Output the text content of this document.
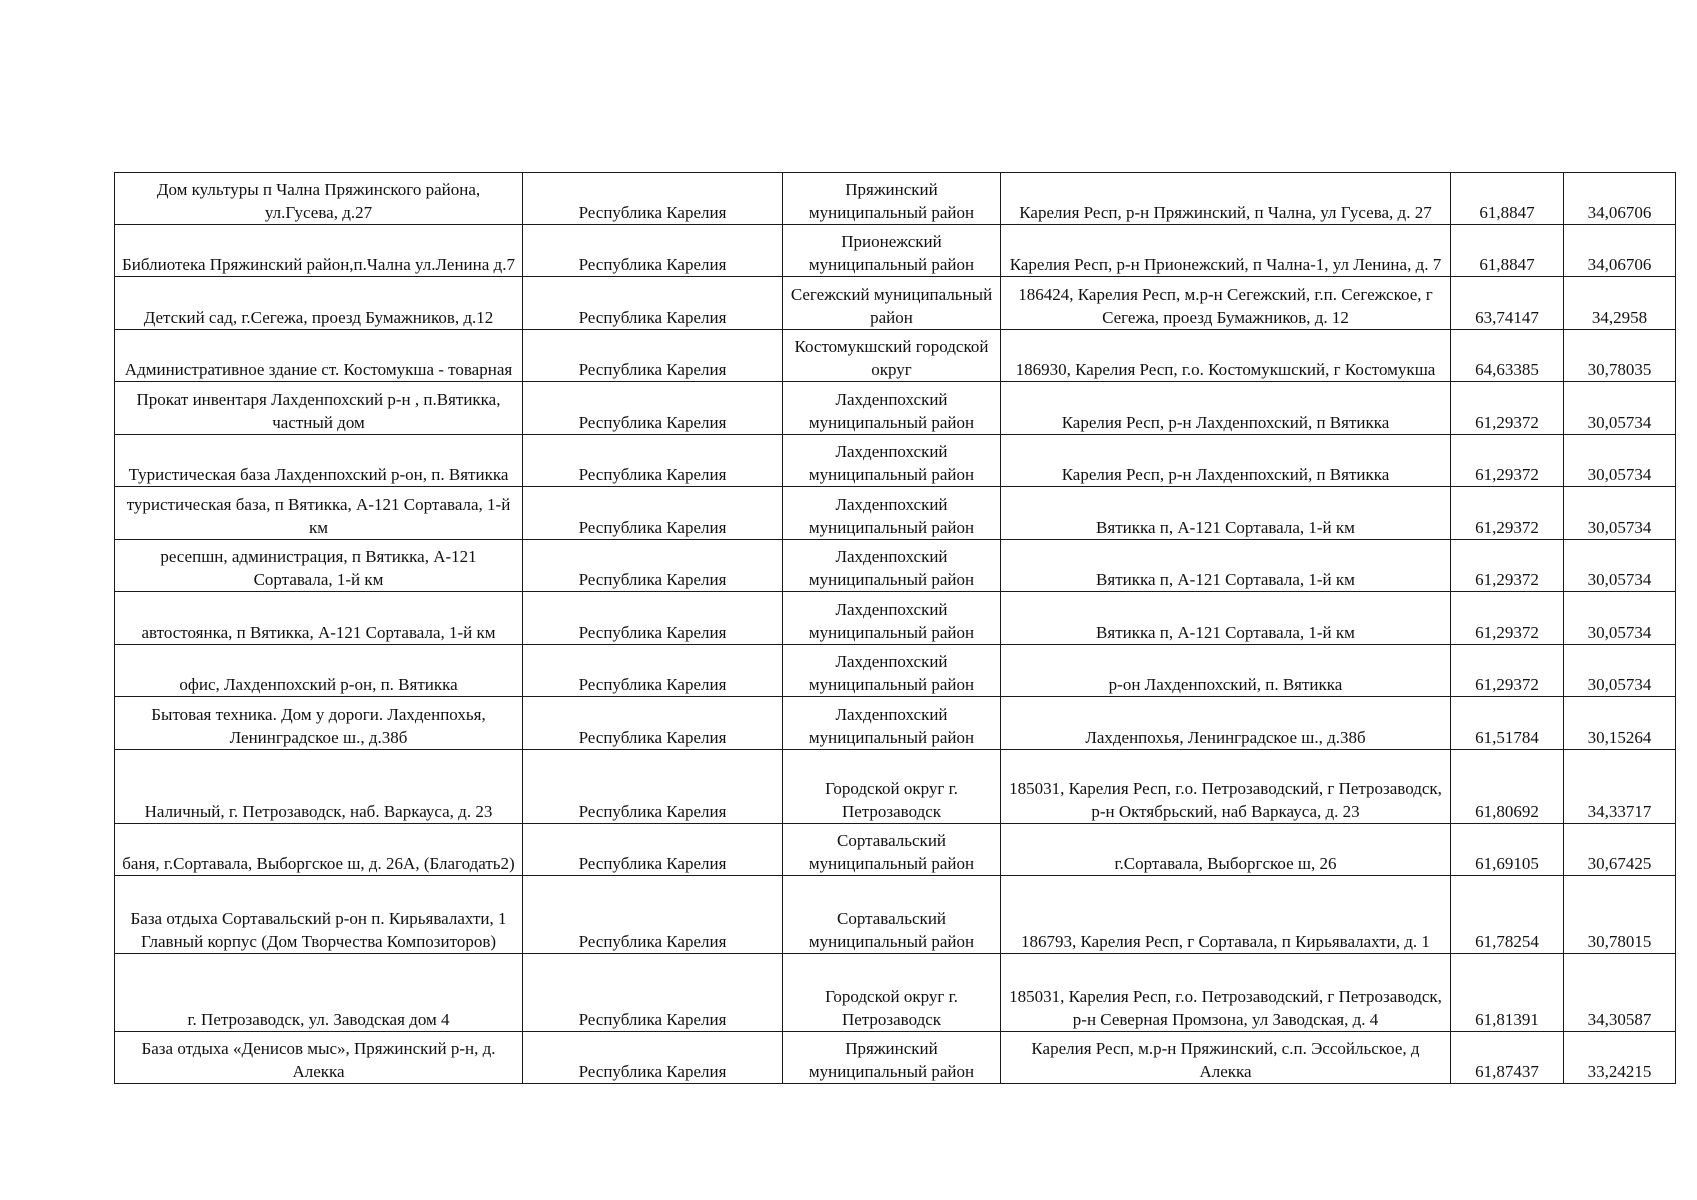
Дом культуры п Чална Пряжинского района, ул.Гусева, д.27	Республика Карелия	Пряжинский муниципальный район	Карелия Респ, р-н Пряжинский, п Чална, ул Гусева, д. 27	61,8847	34,06706
Библиотека Пряжинский район,п.Чална ул.Ленина д.7	Республика Карелия	Прионежский муниципальный район	Карелия Респ, р-н Прионежский, п Чална-1, ул Ленина, д. 7	61,8847	34,06706
Детский сад, г.Сегежа, проезд Бумажников, д.12	Республика Карелия	Сегежский муниципальный район	186424, Карелия Респ, м.р-н Сегежский, г.п. Сегежское, г Сегежа, проезд Бумажников, д. 12	63,74147	34,2958
Административное здание ст. Костомукша - товарная	Республика Карелия	Костомукшский городской округ	186930, Карелия Респ, г.о. Костомукшский, г Костомукша	64,63385	30,78035
Прокат инвентаря Лахденпохский р-н , п.Вятикка, частный дом	Республика Карелия	Лахденпохский муниципальный район	Карелия Респ, р-н Лахденпохский, п Вятикка	61,29372	30,05734
Туристическая база Лахденпохский р-он, п. Вятикка	Республика Карелия	Лахденпохский муниципальный район	Карелия Респ, р-н Лахденпохский, п Вятикка	61,29372	30,05734
туристическая база, п Вятикка, А-121 Сортавала, 1-й км	Республика Карелия	Лахденпохский муниципальный район	Вятикка п, А-121 Сортавала, 1-й км	61,29372	30,05734
ресепшн, администрация, п Вятикка, А-121 Сортавала, 1-й км	Республика Карелия	Лахденпохский муниципальный район	Вятикка п, А-121 Сортавала, 1-й км	61,29372	30,05734
автостоянка, п Вятикка, А-121 Сортавала, 1-й км	Республика Карелия	Лахденпохский муниципальный район	Вятикка п, А-121 Сортавала, 1-й км	61,29372	30,05734
офис, Лахденпохский р-он, п. Вятикка	Республика Карелия	Лахденпохский муниципальный район	р-он Лахденпохский, п. Вятикка	61,29372	30,05734
Бытовая техника. Дом у дороги. Лахденпохья, Ленинградское ш., д.38б	Республика Карелия	Лахденпохский муниципальный район	Лахденпохья, Ленинградское ш., д.38б	61,51784	30,15264
Наличный, г. Петрозаводск, наб. Варкауса, д. 23	Республика Карелия	Городской округ г. Петрозаводск	185031, Карелия Респ, г.о. Петрозаводский, г Петрозаводск, р-н Октябрьский, наб Варкауса, д. 23	61,80692	34,33717
баня, г.Сортавала, Выборгское ш, д. 26А, (Благодать2)	Республика Карелия	Сортавальский муниципальный район	г.Сортавала, Выборгское ш, 26	61,69105	30,67425
База отдыха Сортавальский р-он п. Кирьявалахти, 1 Главный корпус (Дом Творчества Композиторов)	Республика Карелия	Сортавальский муниципальный район	186793, Карелия Респ, г Сортавала, п Кирьявалахти, д. 1	61,78254	30,78015
г. Петрозаводск, ул. Заводская дом 4	Республика Карелия	Городской округ г. Петрозаводск	185031, Карелия Респ, г.о. Петрозаводский, г Петрозаводск, р-н Северная Промзона, ул Заводская, д. 4	61,81391	34,30587
База отдыха «Денисов мыс», Пряжинский р-н, д. Алекка	Республика Карелия	Пряжинский муниципальный район	Карелия Респ, м.р-н Пряжинский, с.п. Эссойльское, д Алекка	61,87437	33,24215
